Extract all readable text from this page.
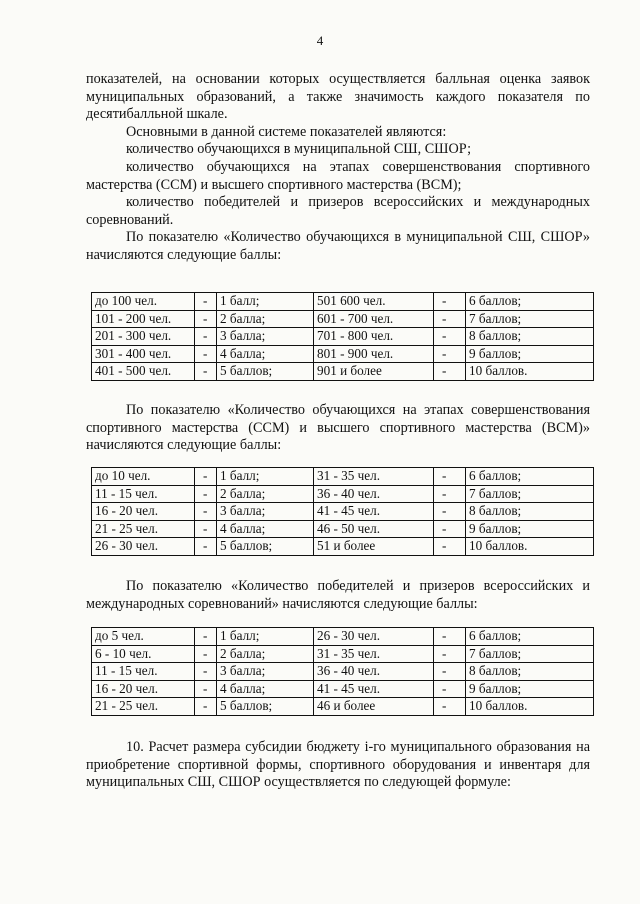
4

показателей, на основании которых осуществляется балльная оценка заявок муниципальных образований, а также значимость каждого показателя по десятибалльной шкале.

Основными в данной системе показателей являются:

количество обучающихся в муниципальной СШ, СШОР;

количество обучающихся на этапах совершенствования спортивного мастерства (ССМ) и высшего спортивного мастерства (ВСМ);

количество победителей и призеров всероссийских и международных соревнований.

По показателю «Количество обучающихся в муниципальной СШ, СШОР» начисляются следующие баллы:

до 100 чел.	-	1 балл;	501 600 чел.	-	6 баллов;
101 - 200 чел.	-	2 балла;	601 - 700 чел.	-	7 баллов;
201 - 300 чел.	-	3 балла;	701 - 800 чел.	-	8 баллов;
301 - 400 чел.	-	4 балла;	801 - 900 чел.	-	9 баллов;
401 - 500 чел.	-	5 баллов;	901 и более	-	10 баллов.

По показателю «Количество обучающихся на этапах совершенствования спортивного мастерства (ССМ) и высшего спортивного мастерства (ВСМ)» начисляются следующие баллы:

до 10 чел.	-	1 балл;	31 - 35 чел.	-	6 баллов;
11 - 15 чел.	-	2 балла;	36 - 40 чел.	-	7 баллов;
16 - 20 чел.	-	3 балла;	41 - 45 чел.	-	8 баллов;
21 - 25 чел.	-	4 балла;	46 - 50 чел.	-	9 баллов;
26 - 30 чел.	-	5 баллов;	51 и более	-	10 баллов.

По показателю «Количество победителей и призеров всероссийских и международных соревнований» начисляются следующие баллы:

до 5 чел.	-	1 балл;	26 - 30 чел.	-	6 баллов;
6 - 10 чел.	-	2 балла;	31 - 35 чел.	-	7 баллов;
11 - 15 чел.	-	3 балла;	36 - 40 чел.	-	8 баллов;
16 - 20 чел.	-	4 балла;	41 - 45 чел.	-	9 баллов;
21 - 25 чел.	-	5 баллов;	46 и более	-	10 баллов.

10. Расчет размера субсидии бюджету i-го муниципального образования на приобретение спортивной формы, спортивного оборудования и инвентаря для муниципальных СШ, СШОР осуществляется по следующей формуле:
